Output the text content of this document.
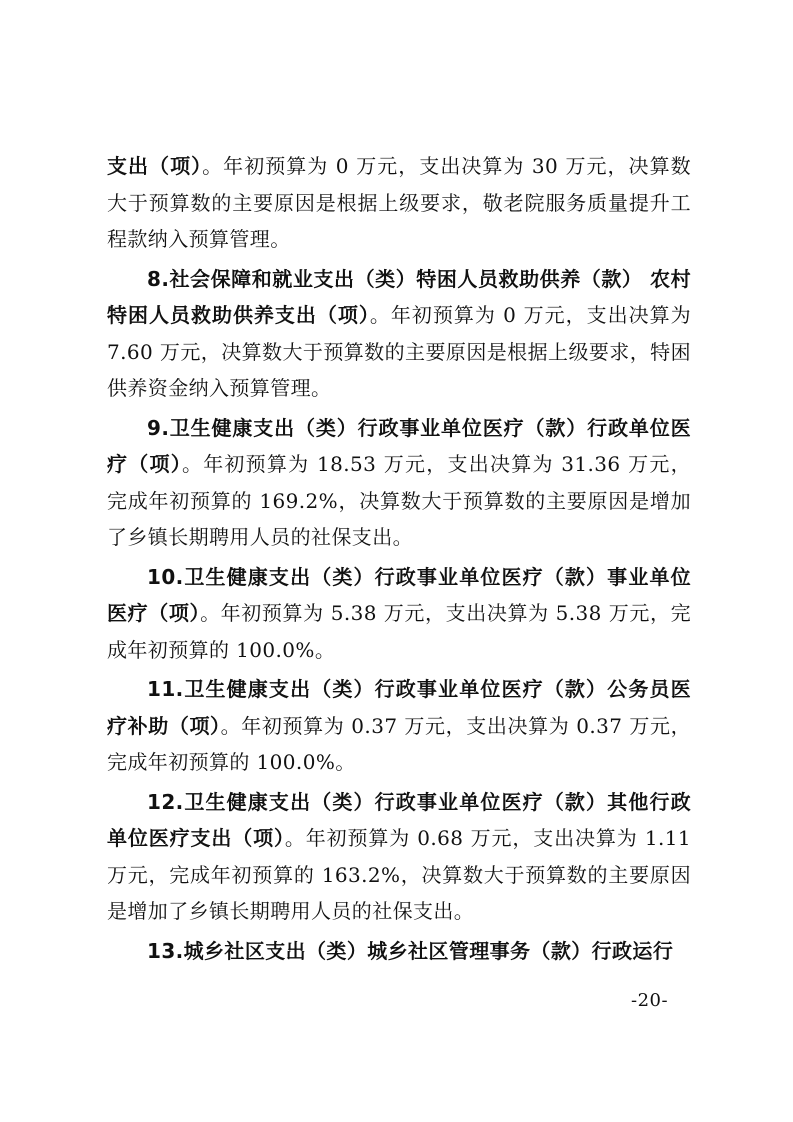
支出（项）。年初预算为 0 万元，支出决算为 30 万元，决算数大于预算数的主要原因是根据上级要求，敬老院服务质量提升工程款纳入预算管理。

8.社会保障和就业支出（类）特困人员救助供养（款） 农村特困人员救助供养支出（项）。年初预算为 0 万元，支出决算为 7.60 万元，决算数大于预算数的主要原因是根据上级要求，特困供养资金纳入预算管理。

9.卫生健康支出（类）行政事业单位医疗（款）行政单位医疗（项）。年初预算为 18.53 万元，支出决算为 31.36 万元，完成年初预算的 169.2%，决算数大于预算数的主要原因是增加了乡镇长期聘用人员的社保支出。

10.卫生健康支出（类）行政事业单位医疗（款）事业单位医疗（项）。年初预算为 5.38 万元，支出决算为 5.38 万元，完成年初预算的 100.0%。

11.卫生健康支出（类）行政事业单位医疗（款）公务员医疗补助（项）。年初预算为 0.37 万元，支出决算为 0.37 万元，完成年初预算的 100.0%。

12.卫生健康支出（类）行政事业单位医疗（款）其他行政单位医疗支出（项）。年初预算为 0.68 万元，支出决算为 1.11 万元，完成年初预算的 163.2%，决算数大于预算数的主要原因是增加了乡镇长期聘用人员的社保支出。

13.城乡社区支出（类）城乡社区管理事务（款）行政运行

-20-
